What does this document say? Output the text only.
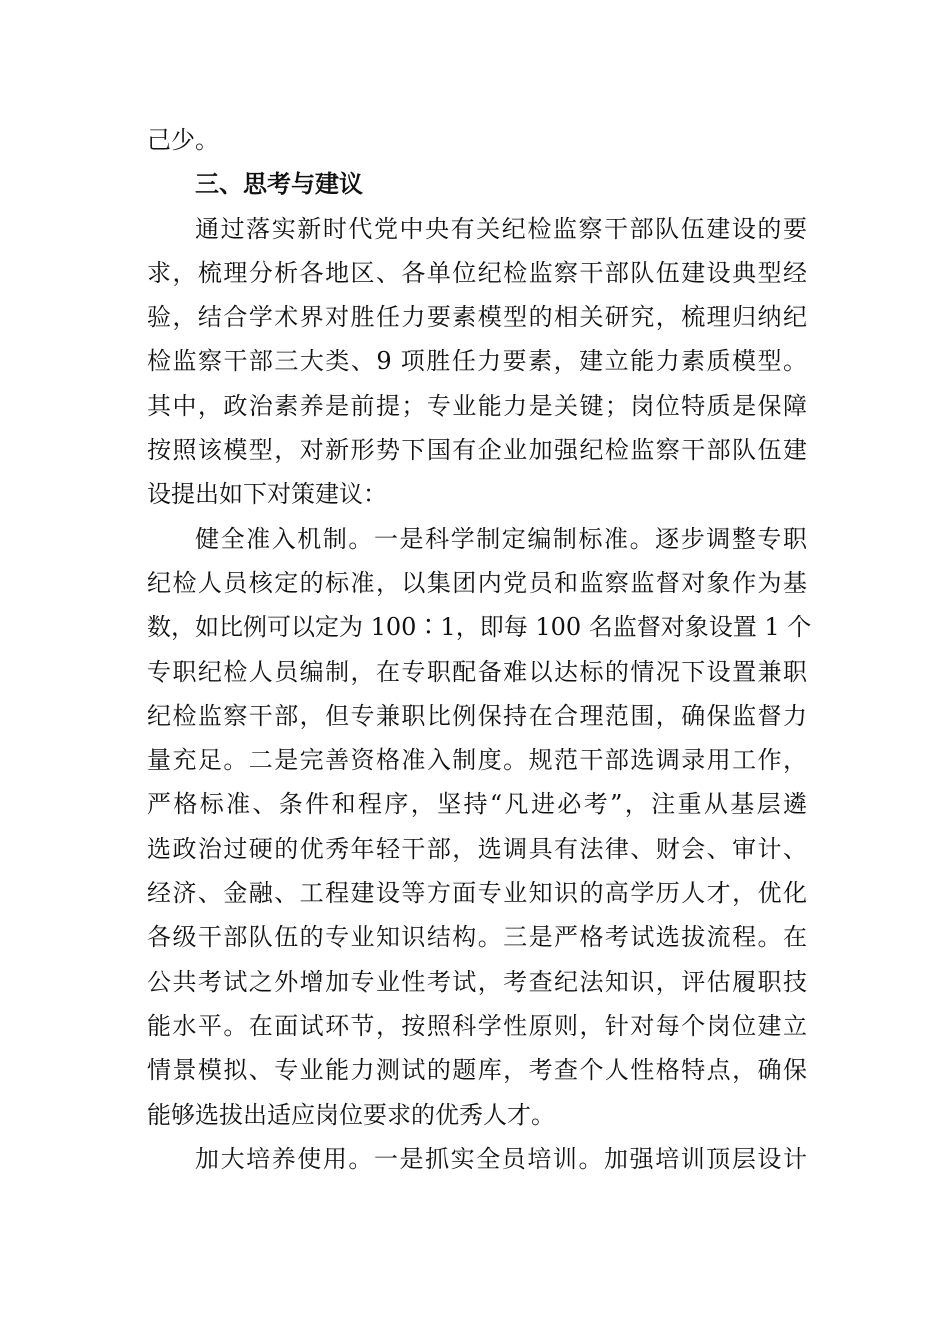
己少。
三、思考与建议
通过落实新时代党中央有关纪检监察干部队伍建设的要
求，梳理分析各地区、各单位纪检监察干部队伍建设典型经
验，结合学术界对胜任力要素模型的相关研究，梳理归纳纪
检监察干部三大类、9 项胜任力要素，建立能力素质模型。
其中，政治素养是前提；专业能力是关键；岗位特质是保障
按照该模型，对新形势下国有企业加强纪检监察干部队伍建
设提出如下对策建议：
健全准入机制。一是科学制定编制标准。逐步调整专职
纪检人员核定的标准，以集团内党员和监察监督对象作为基
数，如比例可以定为 100∶1，即每 100 名监督对象设置 1 个
专职纪检人员编制，在专职配备难以达标的情况下设置兼职
纪检监察干部，但专兼职比例保持在合理范围，确保监督力
量充足。二是完善资格准入制度。规范干部选调录用工作，
严格标准、条件和程序，坚持“凡进必考”，注重从基层遴
选政治过硬的优秀年轻干部，选调具有法律、财会、审计、
经济、金融、工程建设等方面专业知识的高学历人才，优化
各级干部队伍的专业知识结构。三是严格考试选拔流程。在
公共考试之外增加专业性考试，考查纪法知识，评估履职技
能水平。在面试环节，按照科学性原则，针对每个岗位建立
情景模拟、专业能力测试的题库，考查个人性格特点，确保
能够选拔出适应岗位要求的优秀人才。
加大培养使用。一是抓实全员培训。加强培训顶层设计
